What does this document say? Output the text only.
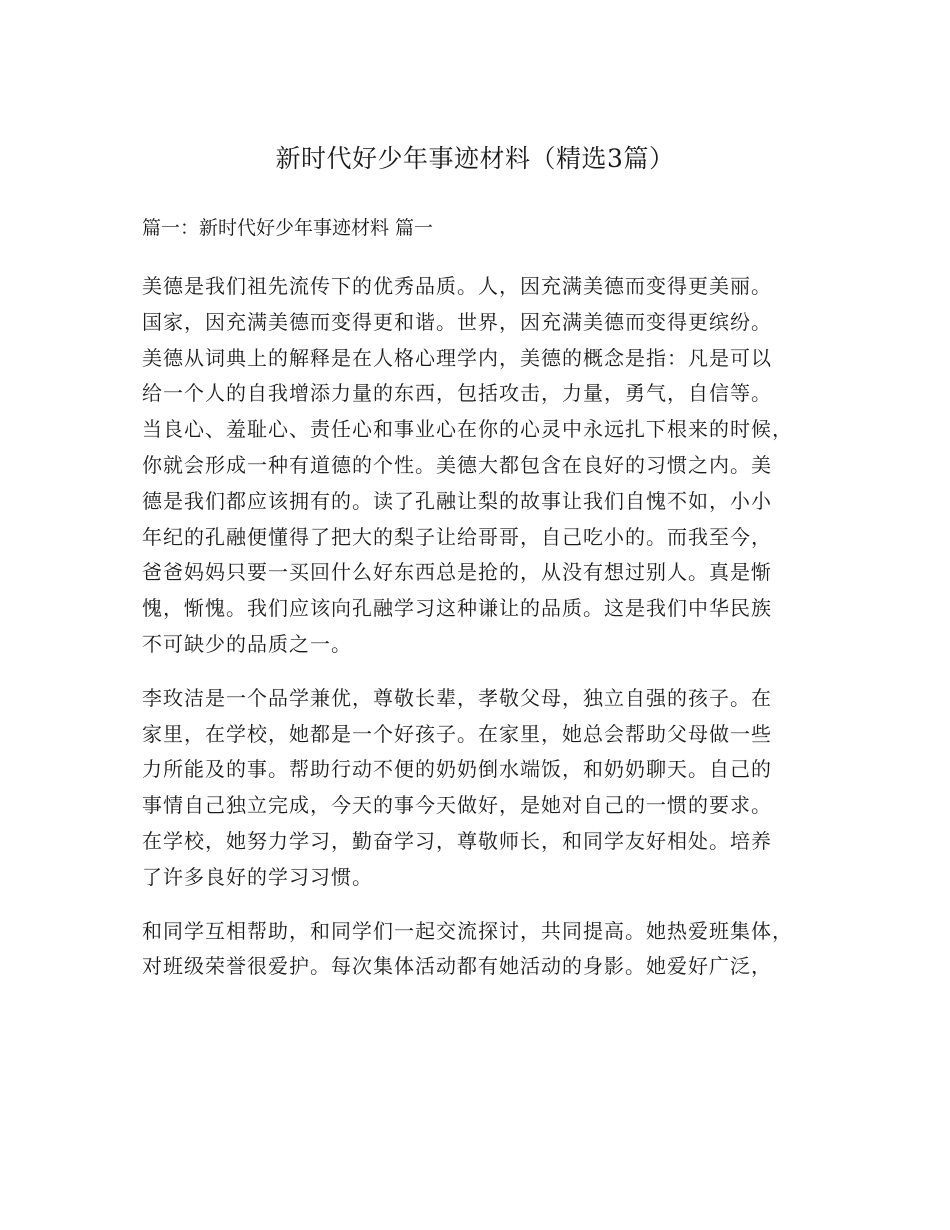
新时代好少年事迹材料（精选3篇）
篇一：新时代好少年事迹材料 篇一
美德是我们祖先流传下的优秀品质。人，因充满美德而变得更美丽。
国家，因充满美德而变得更和谐。世界，因充满美德而变得更缤纷。
美德从词典上的解释是在人格心理学内，美德的概念是指：凡是可以
给一个人的自我增添力量的东西，包括攻击，力量，勇气，自信等。
当良心、羞耻心、责任心和事业心在你的心灵中永远扎下根来的时候，
你就会形成一种有道德的个性。美德大都包含在良好的习惯之内。美
德是我们都应该拥有的。读了孔融让梨的故事让我们自愧不如，小小
年纪的孔融便懂得了把大的梨子让给哥哥，自己吃小的。而我至今，
爸爸妈妈只要一买回什么好东西总是抢的，从没有想过别人。真是惭
愧，惭愧。我们应该向孔融学习这种谦让的品质。这是我们中华民族
不可缺少的品质之一。
李玫洁是一个品学兼优，尊敬长辈，孝敬父母，独立自强的孩子。在
家里，在学校，她都是一个好孩子。在家里，她总会帮助父母做一些
力所能及的事。帮助行动不便的奶奶倒水端饭，和奶奶聊天。自己的
事情自己独立完成，今天的事今天做好，是她对自己的一惯的要求。
在学校，她努力学习，勤奋学习，尊敬师长，和同学友好相处。培养
了许多良好的学习习惯。
和同学互相帮助，和同学们一起交流探讨，共同提高。她热爱班集体，
对班级荣誉很爱护。每次集体活动都有她活动的身影。她爱好广泛，
